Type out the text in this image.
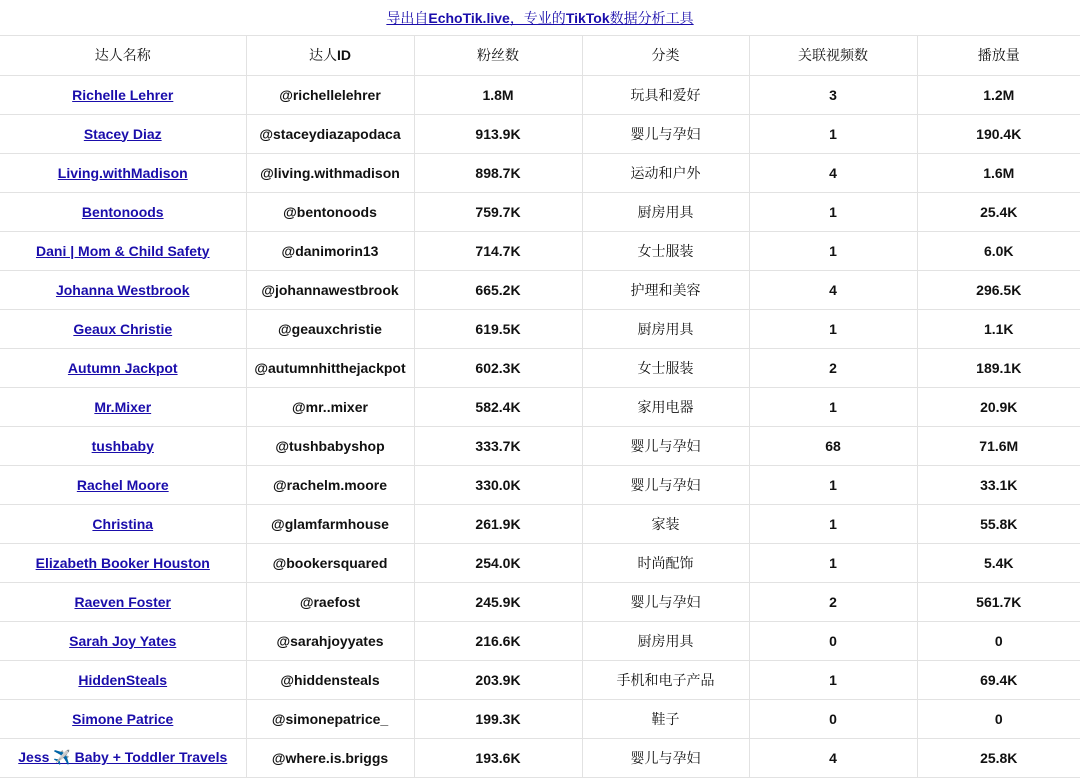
导出自EchoTik.live，专业的TikTok数据分析工具
达人名称	达人ID	粉丝数	分类	关联视频数	播放量
Richelle Lehrer	@richellelehrer	1.8M	玩具和爱好	3	1.2M
Stacey Diaz	@staceydiazapodaca	913.9K	婴儿与孕妇	1	190.4K
Living.withMadison	@living.withmadison	898.7K	运动和户外	4	1.6M
Bentonoods	@bentonoods	759.7K	厨房用具	1	25.4K
Dani | Mom & Child Safety	@danimorin13	714.7K	女士服装	1	6.0K
Johanna Westbrook	@johannawestbrook	665.2K	护理和美容	4	296.5K
Geaux Christie	@geauxchristie	619.5K	厨房用具	1	1.1K
Autumn Jackpot	@autumnhitthejackpot	602.3K	女士服装	2	189.1K
Mr.Mixer	@mr..mixer	582.4K	家用电器	1	20.9K
tushbaby	@tushbabyshop	333.7K	婴儿与孕妇	68	71.6M
Rachel Moore	@rachelm.moore	330.0K	婴儿与孕妇	1	33.1K
Christina	@glamfarmhouse	261.9K	家装	1	55.8K
Elizabeth Booker Houston	@bookersquared	254.0K	时尚配饰	1	5.4K
Raeven Foster	@raefost	245.9K	婴儿与孕妇	2	561.7K
Sarah Joy Yates	@sarahjoyyates	216.6K	厨房用具	0	0
HiddenSteals	@hiddensteals	203.9K	手机和电子产品	1	69.4K
Simone Patrice	@simonepatrice_	199.3K	鞋子	0	0
Jess ✈️ Baby + Toddler Travels	@where.is.briggs	193.6K	婴儿与孕妇	4	25.8K
